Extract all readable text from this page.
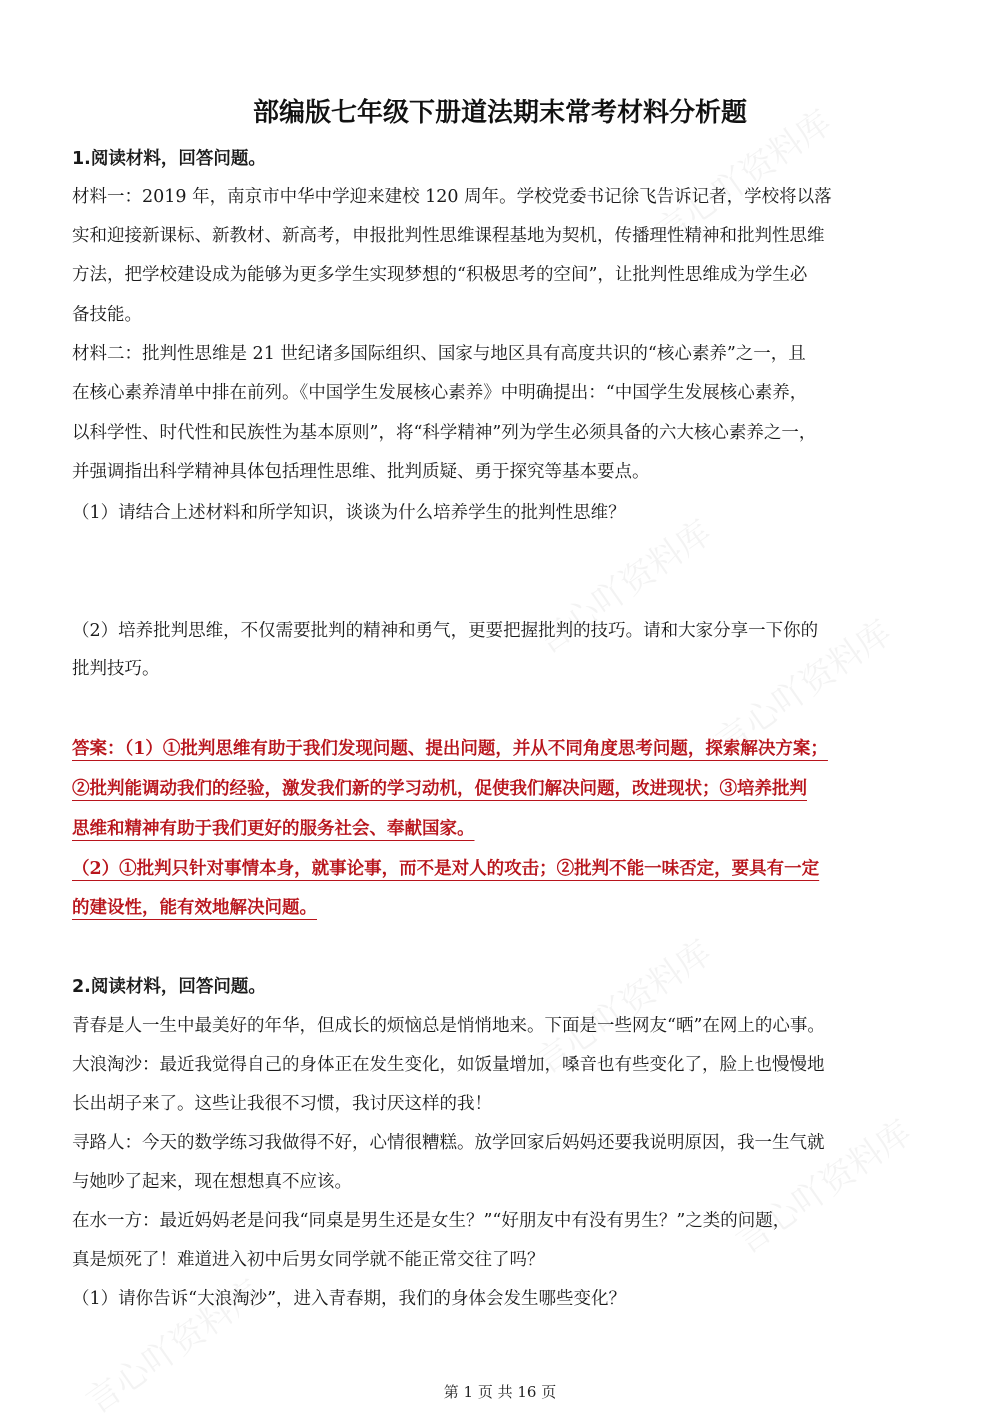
部编版七年级下册道法期末常考材料分析题
1.阅读材料，回答问题。
材料一：2019 年，南京市中华中学迎来建校 120 周年。学校党委书记徐飞告诉记者，学校将以落
实和迎接新课标、新教材、新高考，申报批判性思维课程基地为契机，传播理性精神和批判性思维
方法，把学校建设成为能够为更多学生实现梦想的“积极思考的空间”，让批判性思维成为学生必
备技能。
材料二：批判性思维是 21 世纪诸多国际组织、国家与地区具有高度共识的“核心素养”之一，且
在核心素养清单中排在前列。《中国学生发展核心素养》中明确提出：“中国学生发展核心素养，
以科学性、时代性和民族性为基本原则”，将“科学精神”列为学生必须具备的六大核心素养之一，
并强调指出科学精神具体包括理性思维、批判质疑、勇于探究等基本要点。
（1）请结合上述材料和所学知识，谈谈为什么培养学生的批判性思维？
（2）培养批判思维，不仅需要批判的精神和勇气，更要把握批判的技巧。请和大家分享一下你的
批判技巧。
答案：（1）①批判思维有助于我们发现问题、提出问题，并从不同角度思考问题，探索解决方案；
②批判能调动我们的经验，激发我们新的学习动机，促使我们解决问题，改进现状；③培养批判
思维和精神有助于我们更好的服务社会、奉献国家。
（2）①批判只针对事情本身，就事论事，而不是对人的攻击；②批判不能一味否定，要具有一定
的建设性，能有效地解决问题。
2.阅读材料，回答问题。
青春是人一生中最美好的年华，但成长的烦恼总是悄悄地来。下面是一些网友“晒”在网上的心事。
大浪淘沙：最近我觉得自己的身体正在发生变化，如饭量增加，嗓音也有些变化了，脸上也慢慢地
长出胡子来了。这些让我很不习惯，我讨厌这样的我！
寻路人：今天的数学练习我做得不好，心情很糟糕。放学回家后妈妈还要我说明原因，我一生气就
与她吵了起来，现在想想真不应该。
在水一方：最近妈妈老是问我“同桌是男生还是女生？”“好朋友中有没有男生？”之类的问题，
真是烦死了！难道进入初中后男女同学就不能正常交往了吗？
（1）请你告诉“大浪淘沙”，进入青春期，我们的身体会发生哪些变化？
第 1 页 共 16 页
